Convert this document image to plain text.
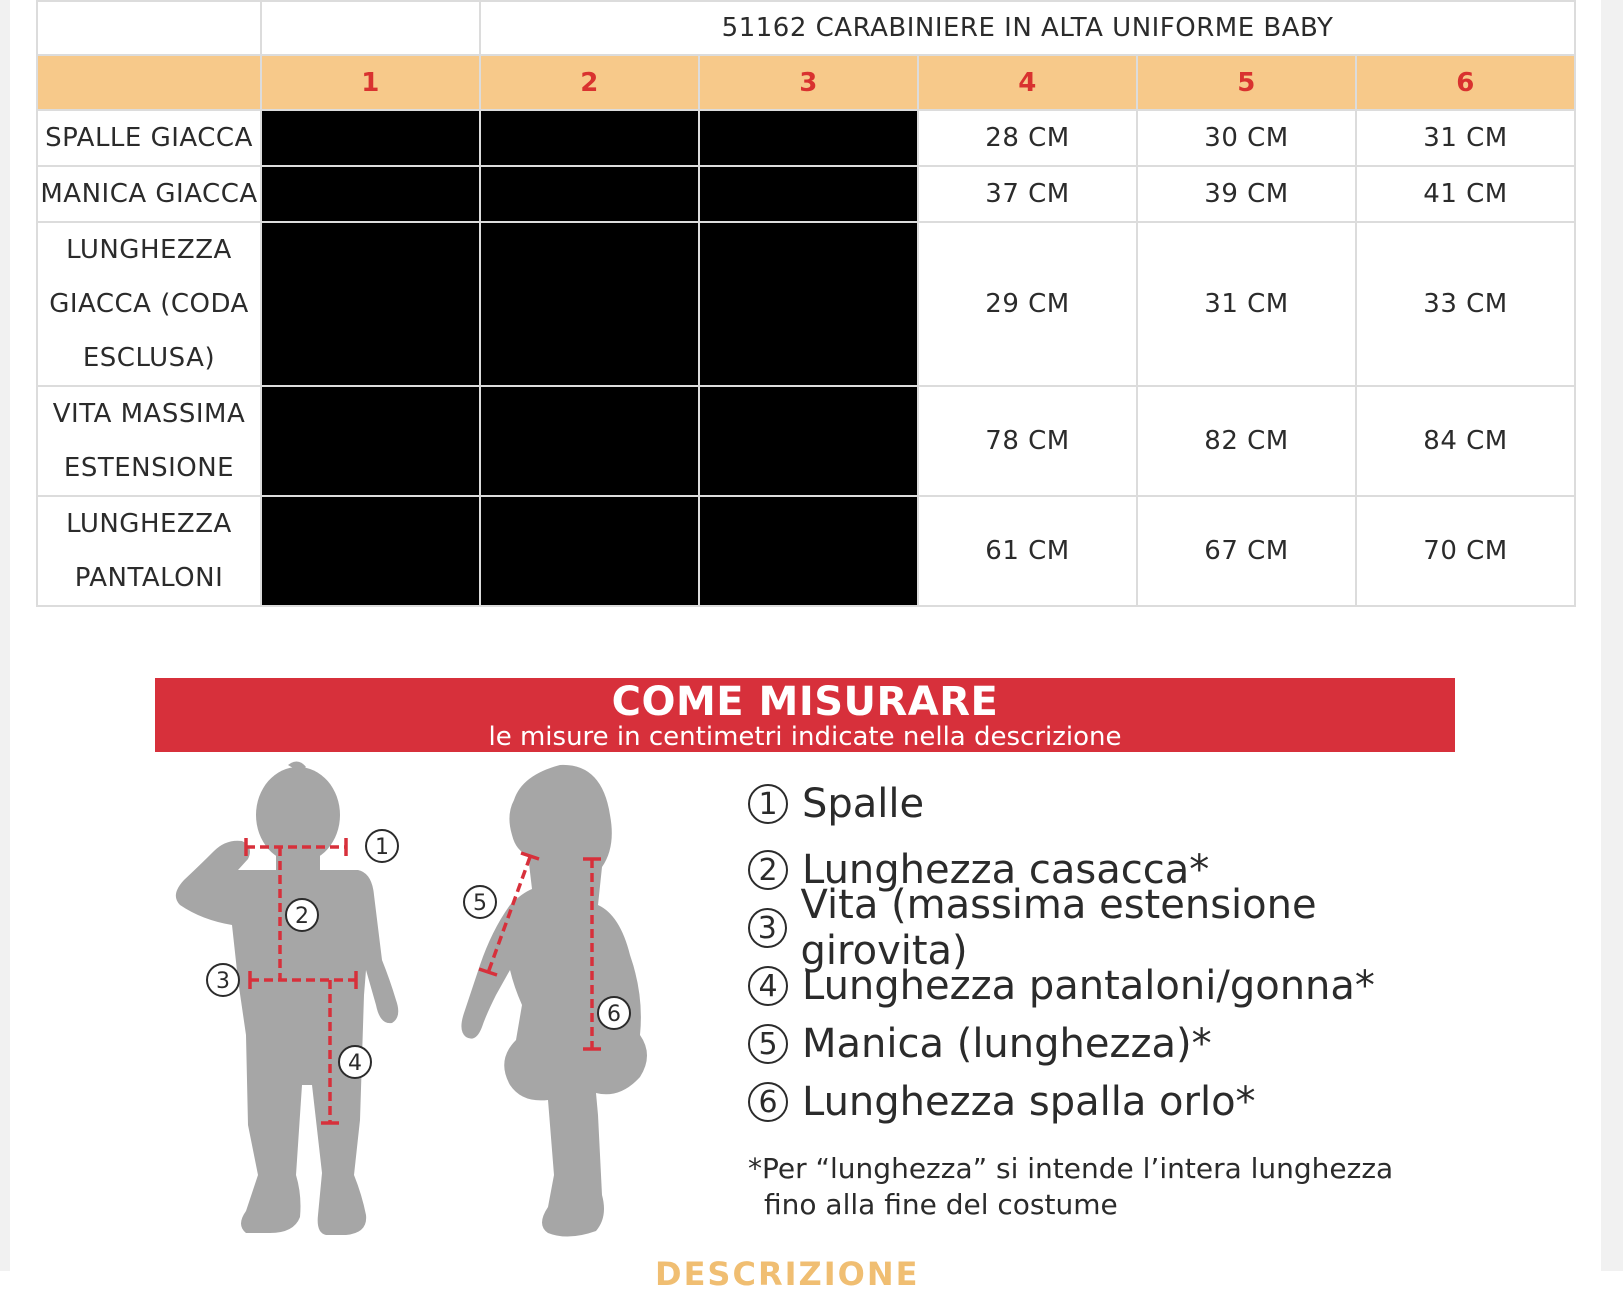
		51162 CARABINIERE IN ALTA UNIFORME BABY				
	1	2	3	4	5	6
SPALLE GIACCA				28 CM	30 CM	31 CM
MANICA GIACCA				37 CM	39 CM	41 CM
LUNGHEZZA GIACCA (CODA ESCLUSA)				29 CM	31 CM	33 CM
VITA MASSIMA ESTENSIONE				78 CM	82 CM	84 CM
LUNGHEZZA PANTALONI				61 CM	67 CM	70 CM
COME MISURARE
le misure in centimetri indicate nella descrizione
1
2
3
4
5
6
1 Spalle
2 Lunghezza casacca*
3 Vita (massima estensione girovita)
4 Lunghezza pantaloni/gonna*
5 Manica (lunghezza)*
6 Lunghezza spalla orlo*
*Per “lunghezza” si intende l’intera lunghezza
fino alla fine del costume
DESCRIZIONE
